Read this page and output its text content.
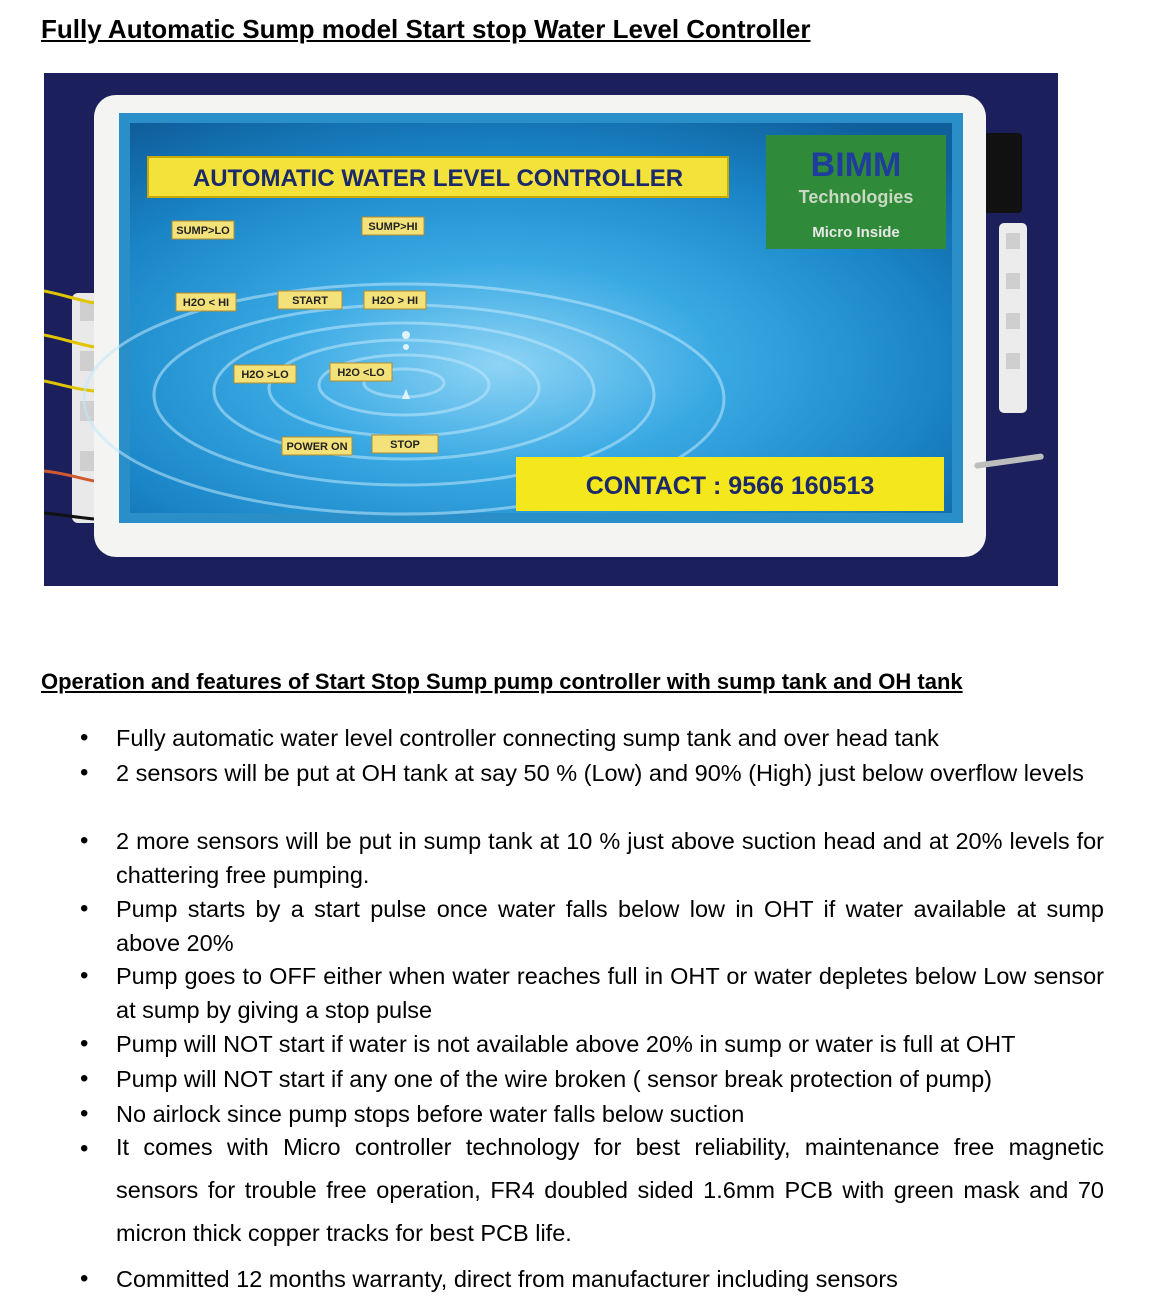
Fully Automatic Sump model Start stop Water Level Controller
AUTOMATIC WATER LEVEL CONTROLLER	BIMM
Technologies
Micro Inside
SUMP>LO	SUMP>HI
H2O < HI	START	H2O > HI
H2O >LO	H2O <LO
POWER ON	STOP
CONTACT : 9566 160513
Operation and features of Start Stop Sump pump controller with sump tank and OH tank
• Fully automatic water level controller connecting sump tank and over head tank
• 2 sensors will be put at OH tank at say 50 % (Low) and 90% (High) just below overflow levels
• 2 more sensors will be put in sump tank at 10 % just above suction head and at 20% levels for chattering free pumping.
• Pump starts by a start pulse once water falls below low in OHT if water available at sump above 20%
• Pump goes to OFF either when water reaches full in OHT or water depletes below Low sensor at sump by giving a stop pulse
• Pump will NOT start if water is not available above 20% in sump or water is full at OHT
• Pump will NOT start if any one of the wire broken ( sensor break protection of pump)
• No airlock since pump stops before water falls below suction
• It comes with Micro controller technology for best reliability, maintenance free magnetic sensors for trouble free operation, FR4 doubled sided 1.6mm PCB with green mask and 70 micron thick copper tracks for best PCB life.
• Committed 12 months warranty, direct from manufacturer including sensors
